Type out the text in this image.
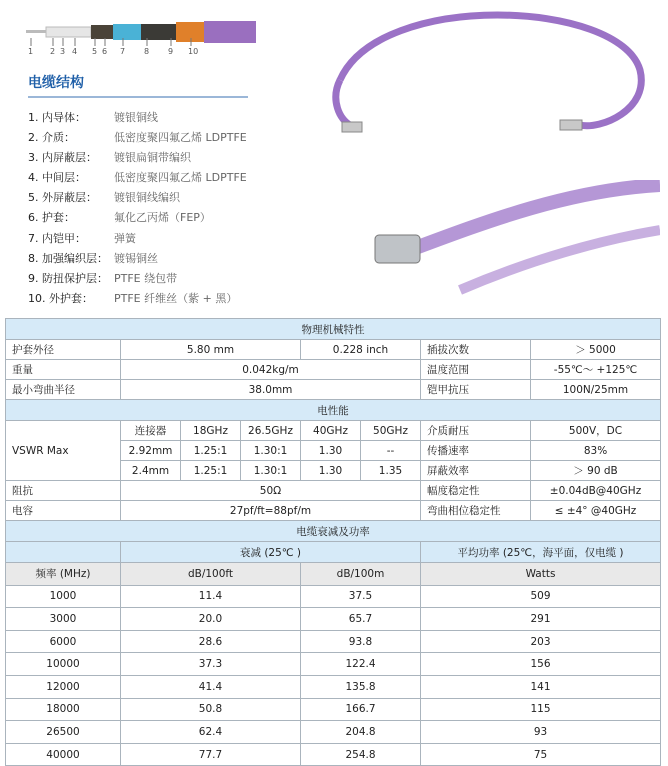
1 2 3 4 5 6 7 8 9 10
电缆结构
1. 内导体：	镀银铜线
2. 介质：	低密度聚四氟乙烯 LDPTFE
3. 内屏蔽层：	镀银扁铜带编织
4. 中间层：	低密度聚四氟乙烯 LDPTFE
5. 外屏蔽层：	镀银铜线编织
6. 护套：	氟化乙丙烯（FEP）
7. 内铠甲：	弹簧
8. 加强编织层： 镀锡铜丝
9. 防扭保护层： PTFE 绕包带
10. 外护套：	PTFE 纤维丝（紫 + 黑）
物理机械特性							
护套外径	5.80 mm			0.228 inch		插拔次数	＞ 5000
重量	0.042kg/m					温度范围	-55℃～ +125℃
最小弯曲半径	38.0mm					铠甲抗压	100N/25mm
电性能							
VSWR Max	连接器	18GHz	26.5GHz	40GHz	50GHz	介质耐压	500V，DC
	2.92mm	1.25:1	1.30:1	1.30	--	传播速率	83%
	2.4mm	1.25:1	1.30:1	1.30	1.35	屏蔽效率	＞ 90 dB
阻抗	50Ω					幅度稳定性	±0.04dB@40GHz
电容	27pf/ft=88pf/m					弯曲相位稳定性	≤ ±4° @40GHz
电缆衰减及功率							
	衰减 (25℃ )					平均功率 (25℃，海平面，仅电缆 )	
频率 (MHz)	dB/100ft			dB/100m		Watts	
1000	11.4			37.5		509	
3000	20.0			65.7		291	
6000	28.6			93.8		203	
10000	37.3			122.4		156	
12000	41.4			135.8		141	
18000	50.8			166.7		115	
26500	62.4			204.8		93	
40000	77.7			254.8		75	
